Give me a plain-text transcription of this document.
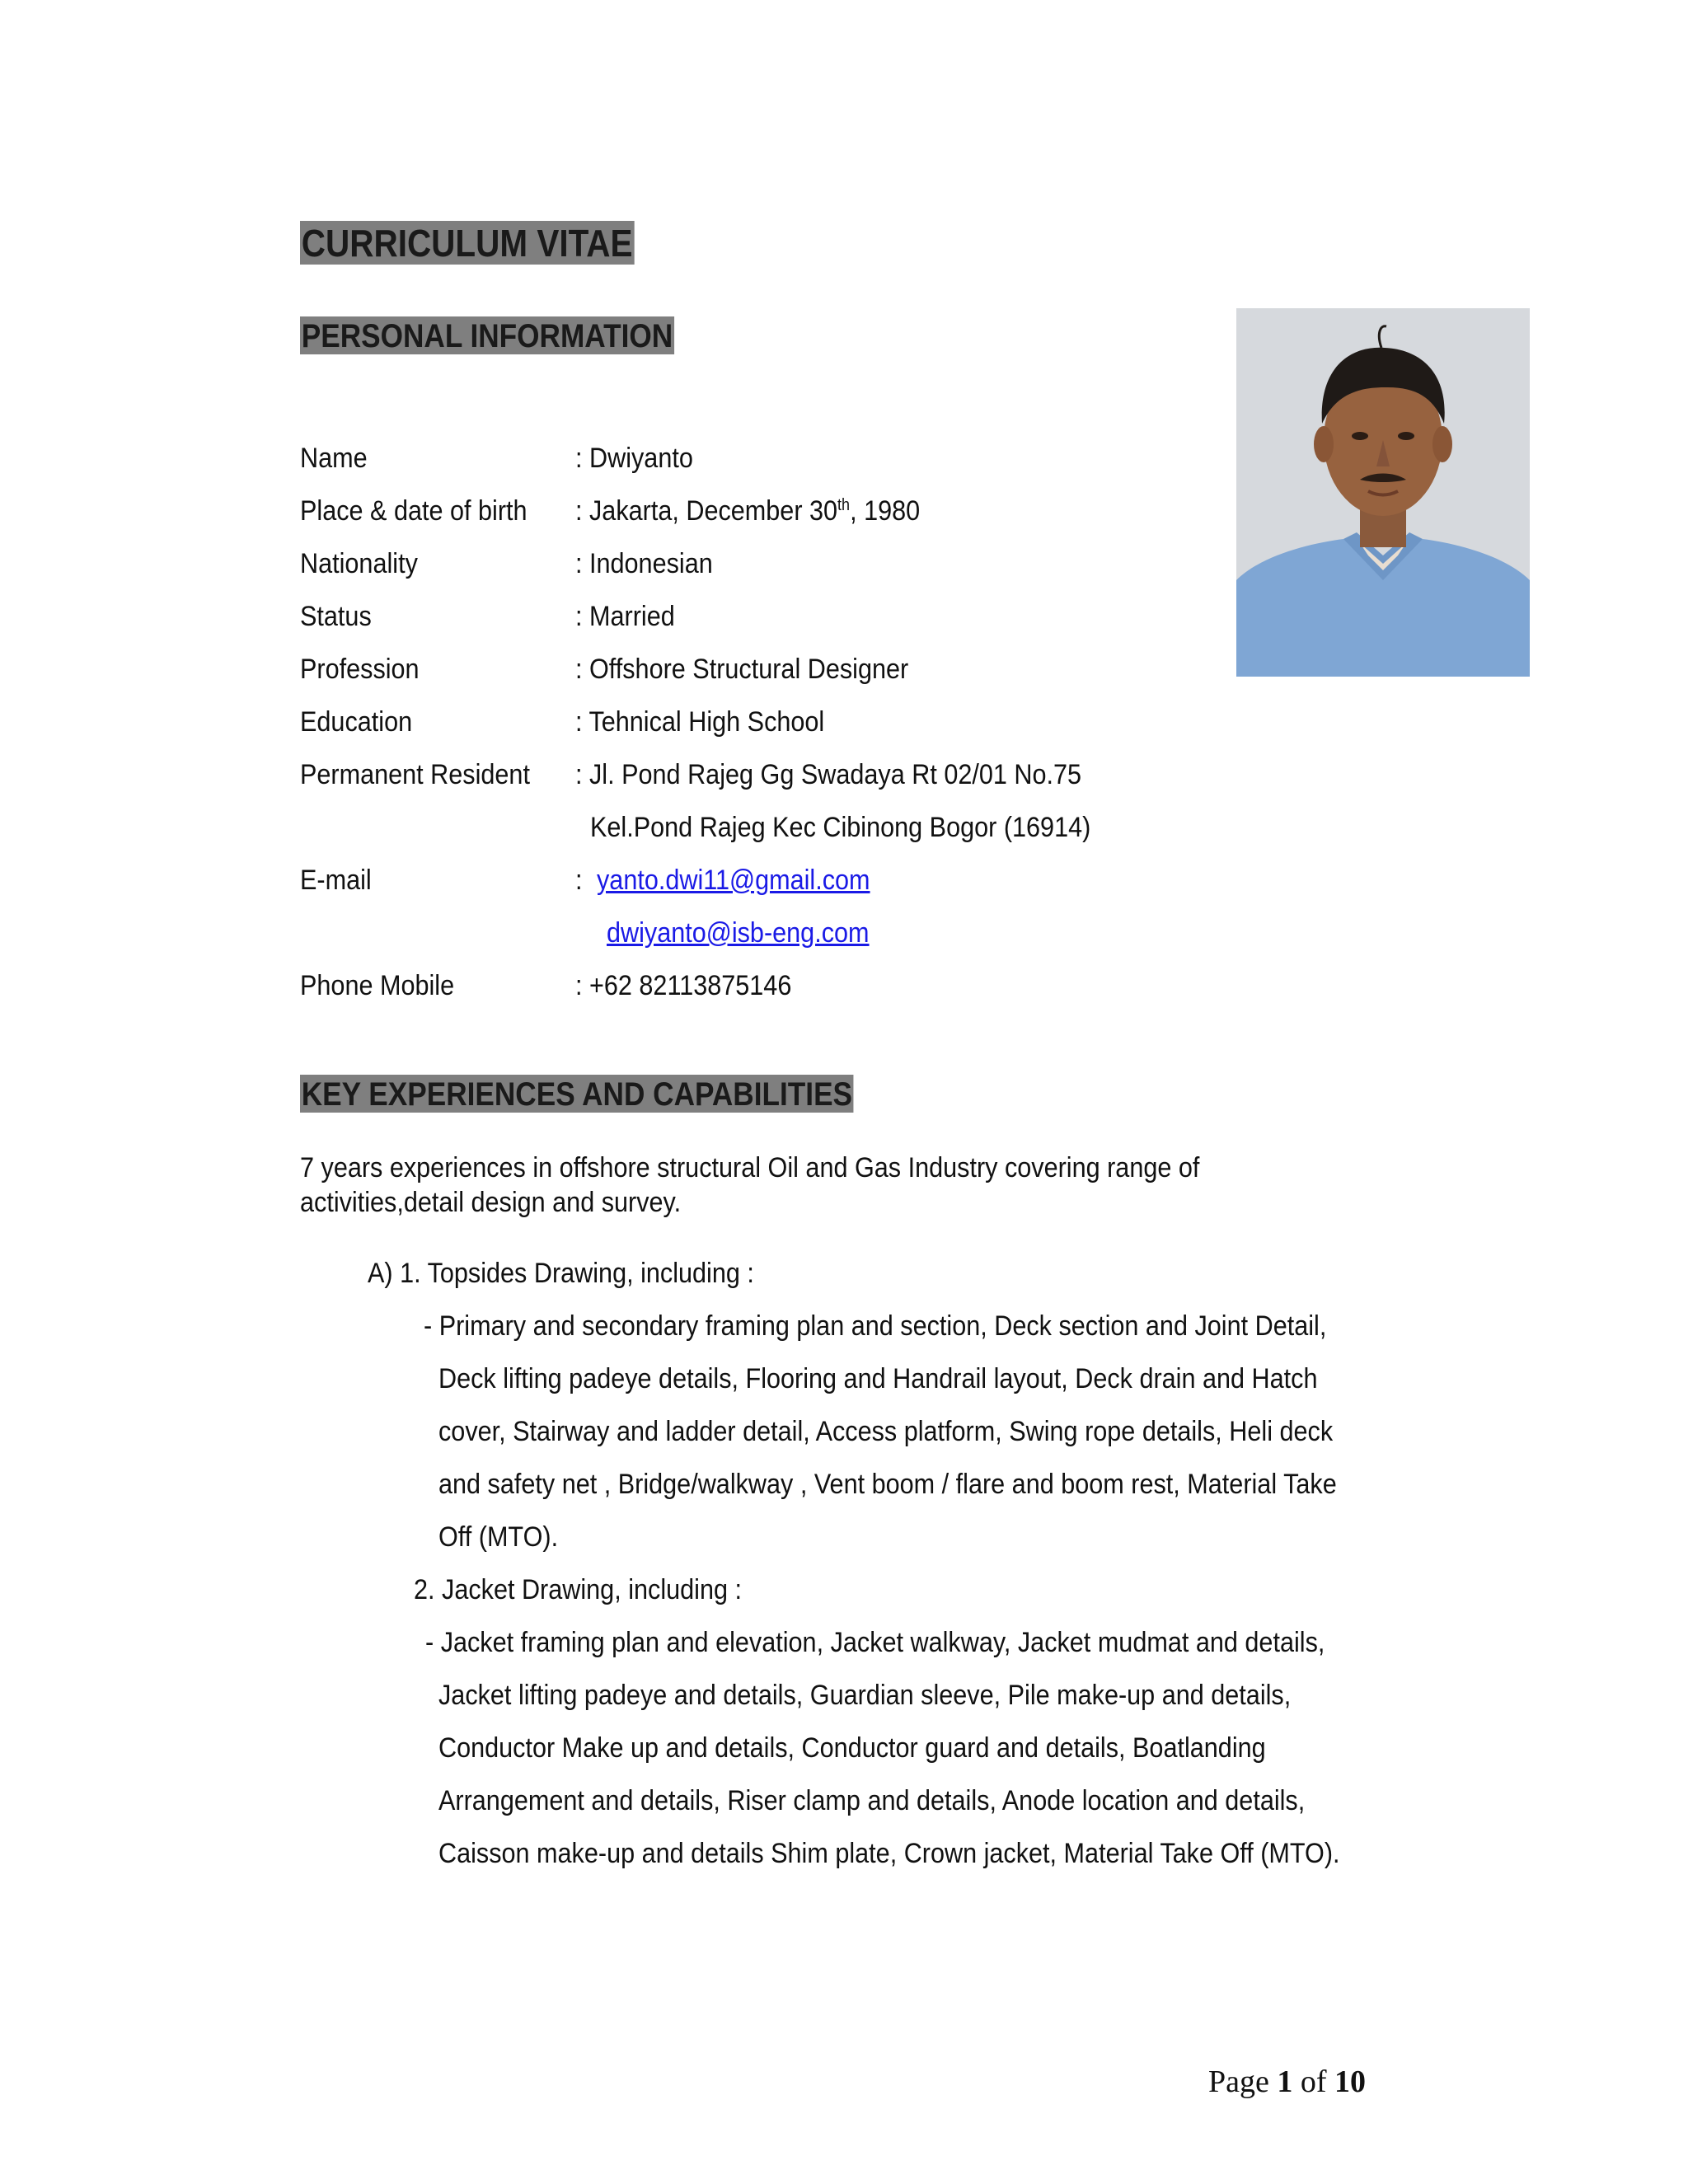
CURRICULUM VITAE
PERSONAL INFORMATION
Name	: Dwiyanto
Place & date of birth : Jakarta, December 30th, 1980
Nationality	: Indonesian
Status	: Married
Profession	: Offshore Structural Designer
Education	: Tehnical High School
Permanent Resident : Jl. Pond Rajeg Gg Swadaya Rt 02/01 No.75
Kel.Pond Rajeg Kec Cibinong Bogor (16914)
E-mail	: yanto.dwi11@gmail.com
dwiyanto@isb-eng.com
Phone Mobile	: +62 82113875146
KEY EXPERIENCES AND CAPABILITIES
7 years experiences in offshore structural Oil and Gas Industry covering range of
activities,detail design and survey.
A) 1. Topsides Drawing, including :
- Primary and secondary framing plan and section, Deck section and Joint Detail,
Deck lifting padeye details, Flooring and Handrail layout, Deck drain and Hatch
cover, Stairway and ladder detail, Access platform, Swing rope details, Heli deck
and safety net , Bridge/walkway , Vent boom / flare and boom rest, Material Take
Off (MTO).
2. Jacket Drawing, including :
- Jacket framing plan and elevation, Jacket walkway, Jacket mudmat and details,
Jacket lifting padeye and details, Guardian sleeve, Pile make-up and details,
Conductor Make up and details, Conductor guard and details, Boatlanding
Arrangement and details, Riser clamp and details, Anode location and details,
Caisson make-up and details Shim plate, Crown jacket, Material Take Off (MTO).
Page 1 of 10
